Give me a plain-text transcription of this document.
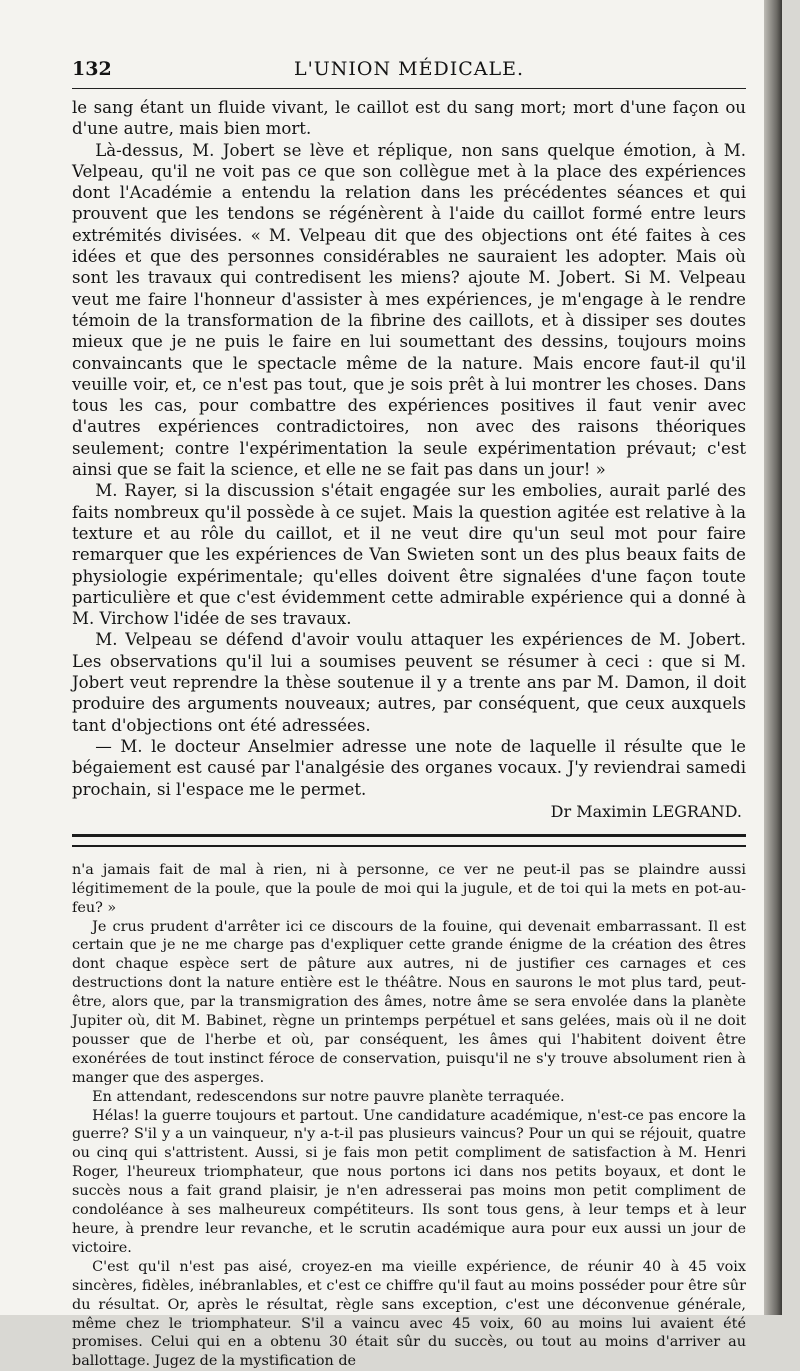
132	L'UNION MÉDICALE.

le sang étant un fluide vivant, le caillot est du sang mort; mort d'une façon ou d'une autre, mais bien mort.

Là-dessus, M. Jobert se lève et réplique, non sans quelque émotion, à M. Velpeau, qu'il ne voit pas ce que son collègue met à la place des expériences dont l'Académie a entendu la relation dans les précédentes séances et qui prouvent que les tendons se régénèrent à l'aide du caillot formé entre leurs extrémités divisées. « M. Velpeau dit que des objections ont été faites à ces idées et que des personnes considérables ne sauraient les adopter. Mais où sont les travaux qui contredisent les miens? ajoute M. Jobert. Si M. Velpeau veut me faire l'honneur d'assister à mes expériences, je m'engage à le rendre témoin de la transformation de la fibrine des caillots, et à dissiper ses doutes mieux que je ne puis le faire en lui soumettant des dessins, toujours moins convaincants que le spectacle même de la nature. Mais encore faut-il qu'il veuille voir, et, ce n'est pas tout, que je sois prêt à lui montrer les choses. Dans tous les cas, pour combattre des expériences positives il faut venir avec d'autres expériences contradictoires, non avec des raisons théoriques seulement; contre l'expérimentation la seule expérimentation prévaut; c'est ainsi que se fait la science, et elle ne se fait pas dans un jour! »

M. Rayer, si la discussion s'était engagée sur les embolies, aurait parlé des faits nombreux qu'il possède à ce sujet. Mais la question agitée est relative à la texture et au rôle du caillot, et il ne veut dire qu'un seul mot pour faire remarquer que les expériences de Van Swieten sont un des plus beaux faits de physiologie expérimentale; qu'elles doivent être signalées d'une façon toute particulière et que c'est évidemment cette admirable expérience qui a donné à M. Virchow l'idée de ses travaux.

M. Velpeau se défend d'avoir voulu attaquer les expériences de M. Jobert. Les observations qu'il lui a soumises peuvent se résumer à ceci : que si M. Jobert veut reprendre la thèse soutenue il y a trente ans par M. Damon, il doit produire des arguments nouveaux; autres, par conséquent, que ceux auxquels tant d'objections ont été adressées.

— M. le docteur Anselmier adresse une note de laquelle il résulte que le bégaiement est causé par l'analgésie des organes vocaux. J'y reviendrai samedi prochain, si l'espace me le permet.

Dr Maximin LEGRAND.

n'a jamais fait de mal à rien, ni à personne, ce ver ne peut-il pas se plaindre aussi légitimement de la poule, que la poule de moi qui la jugule, et de toi qui la mets en pot-au-feu? »

Je crus prudent d'arrêter ici ce discours de la fouine, qui devenait embarrassant. Il est certain que je ne me charge pas d'expliquer cette grande énigme de la création des êtres dont chaque espèce sert de pâture aux autres, ni de justifier ces carnages et ces destructions dont la nature entière est le théâtre. Nous en saurons le mot plus tard, peut-être, alors que, par la transmigration des âmes, notre âme se sera envolée dans la planète Jupiter où, dit M. Babinet, règne un printemps perpétuel et sans gelées, mais où il ne doit pousser que de l'herbe et où, par conséquent, les âmes qui l'habitent doivent être exonérées de tout instinct féroce de conservation, puisqu'il ne s'y trouve absolument rien à manger que des asperges.

En attendant, redescendons sur notre pauvre planète terraquée.

Hélas! la guerre toujours et partout. Une candidature académique, n'est-ce pas encore la guerre? S'il y a un vainqueur, n'y a-t-il pas plusieurs vaincus? Pour un qui se réjouit, quatre ou cinq qui s'attristent. Aussi, si je fais mon petit compliment de satisfaction à M. Henri Roger, l'heureux triomphateur, que nous portons ici dans nos petits boyaux, et dont le succès nous a fait grand plaisir, je n'en adresserai pas moins mon petit compliment de condoléance à ses malheureux compétiteurs. Ils sont tous gens, à leur temps et à leur heure, à prendre leur revanche, et le scrutin académique aura pour eux aussi un jour de victoire.

C'est qu'il n'est pas aisé, croyez-en ma vieille expérience, de réunir 40 à 45 voix sincères, fidèles, inébranlables, et c'est ce chiffre qu'il faut au moins posséder pour être sûr du résultat. Or, après le résultat, règle sans exception, c'est une déconvenue générale, même chez le triomphateur. S'il a vaincu avec 45 voix, 60 au moins lui avaient été promises. Celui qui en a obtenu 30 était sûr du succès, ou tout au moins d'arriver au ballottage. Jugez de la mystification de
